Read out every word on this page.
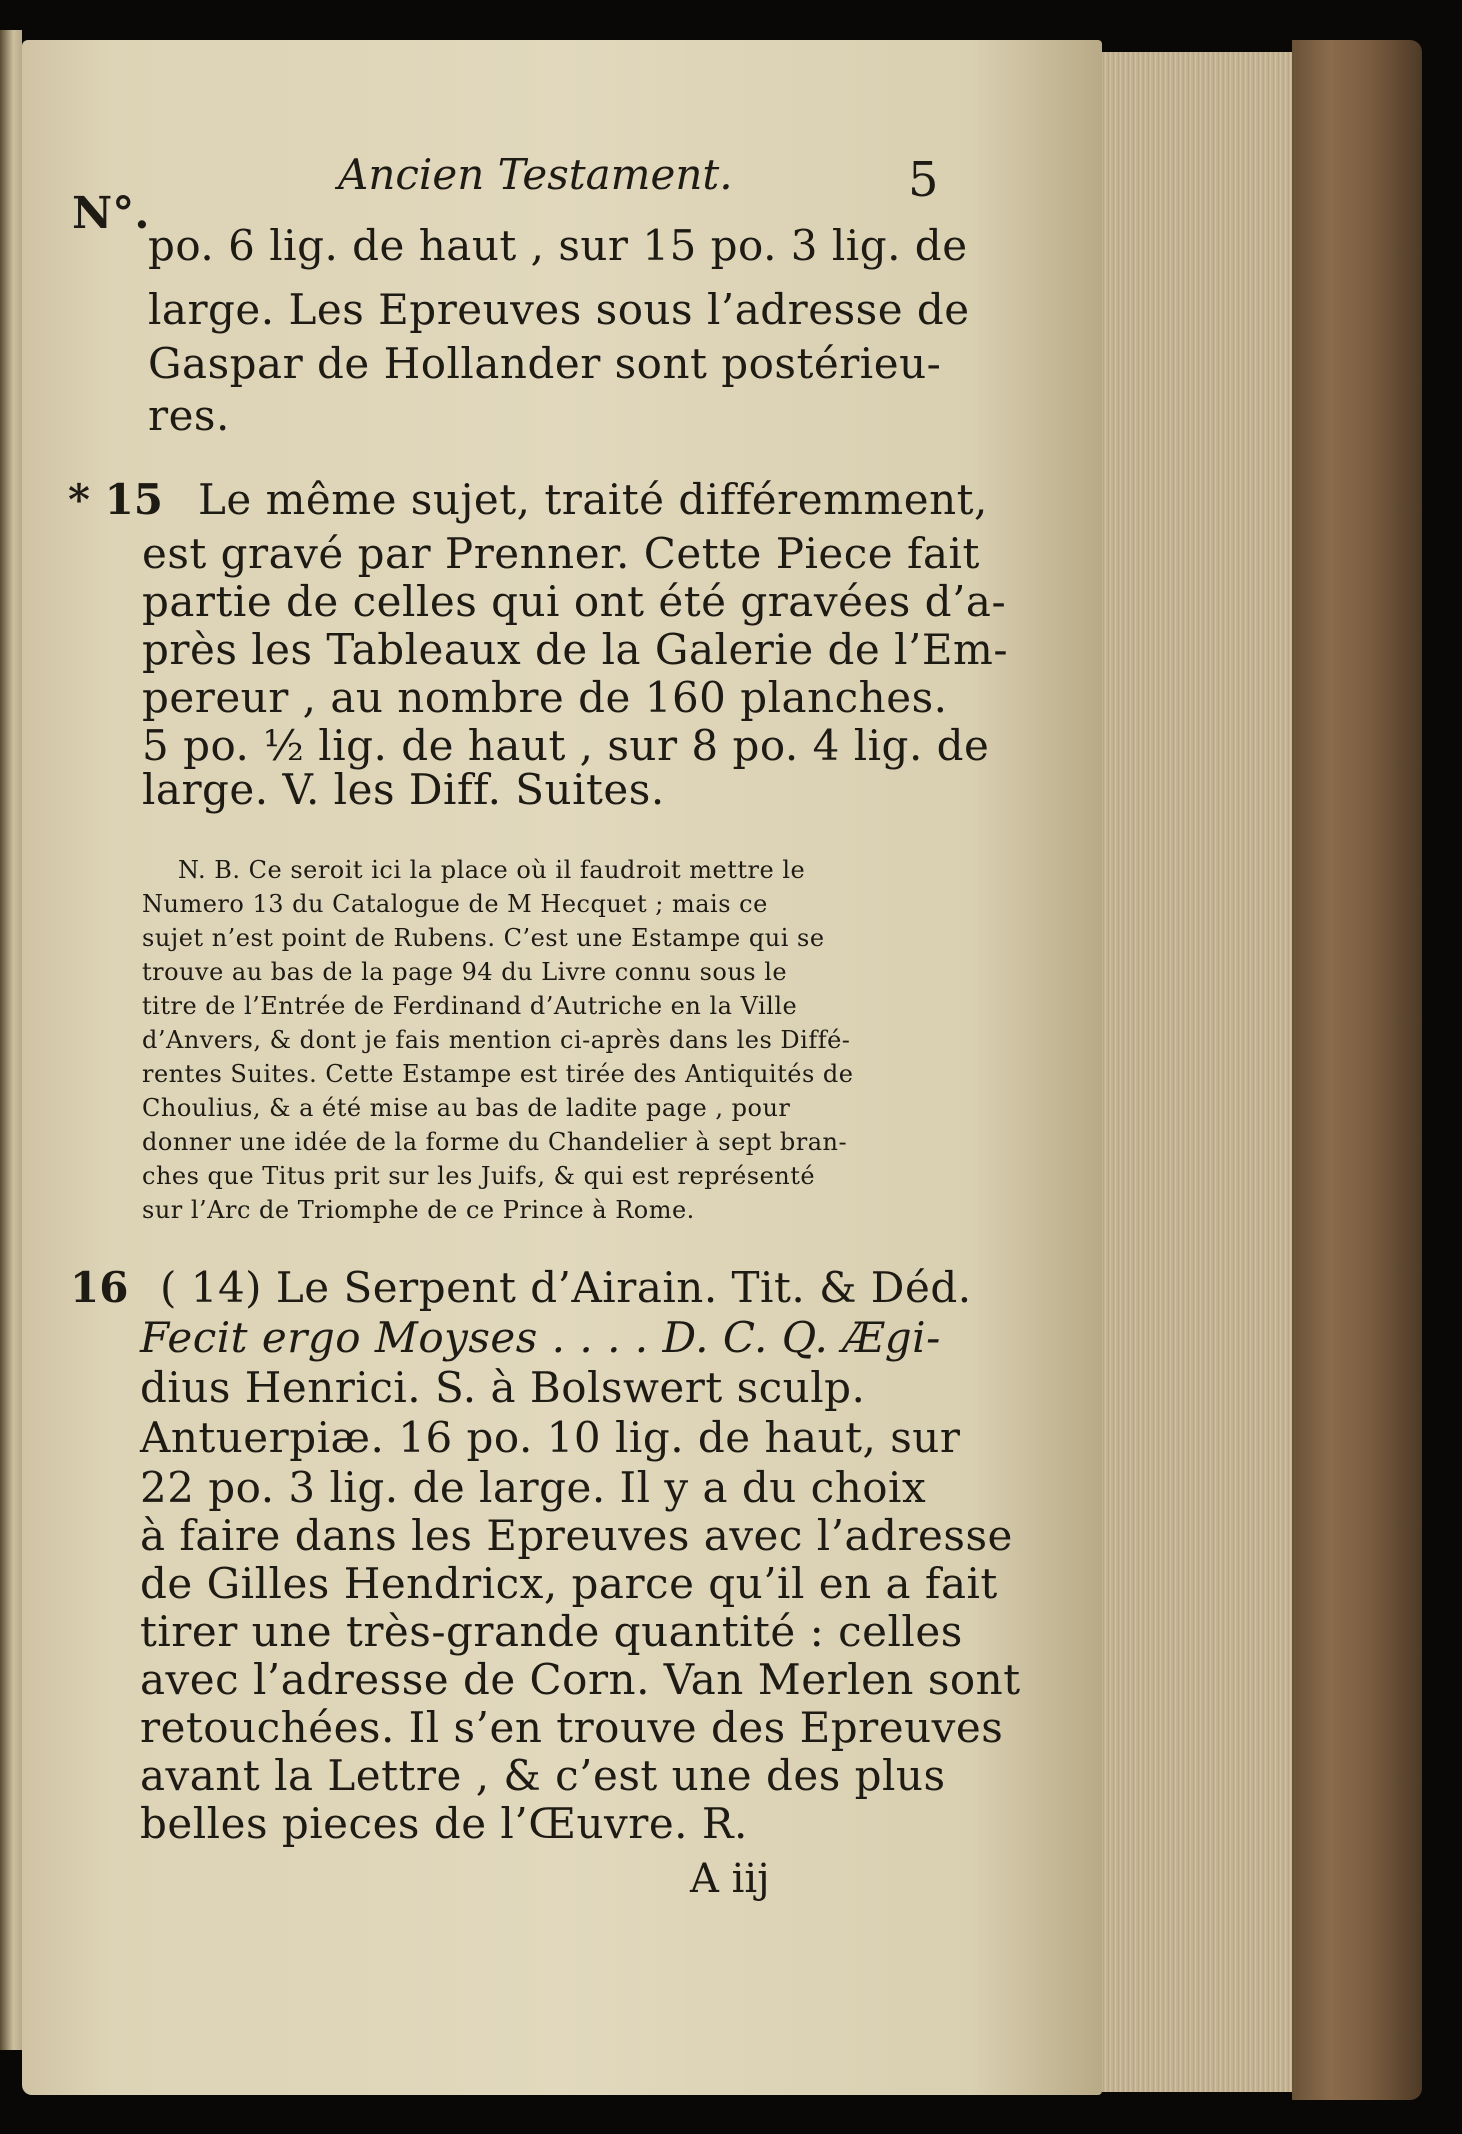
N°.
Ancien Testament.	5
po. 6 lig. de haut , sur 15 po. 3 lig. de
large. Les Epreuves sous l’adresse de
Gaspar de Hollander sont postérieu-
res.
* 15 Le même sujet, traité différemment,
est gravé par Prenner. Cette Piece fait
partie de celles qui ont été gravées d’a-
près les Tableaux de la Galerie de l’Em-
pereur , au nombre de 160 planches.
5 po. ½ lig. de haut , sur 8 po. 4 lig. de
large. V. les Diff. Suites.
N. B. Ce seroit ici la place où il faudroit mettre le
Numero 13 du Catalogue de M Hecquet ; mais ce
sujet n’est point de Rubens. C’est une Estampe qui se
trouve au bas de la page 94 du Livre connu sous le
titre de l’Entrée de Ferdinand d’Autriche en la Ville
d’Anvers, & dont je fais mention ci-après dans les Diffé-
rentes Suites. Cette Estampe est tirée des Antiquités de
Choulius, & a été mise au bas de ladite page , pour
donner une idée de la forme du Chandelier à sept bran-
ches que Titus prit sur les Juifs, & qui est représenté
sur l’Arc de Triomphe de ce Prince à Rome.
16 ( 14) Le Serpent d’Airain. Tit. & Déd.
Fecit ergo Moyses . . . . D. C. Q. Ægi-
dius Henrici. S. à Bolswert sculp.
Antuerpiæ. 16 po. 10 lig. de haut, sur
22 po. 3 lig. de large. Il y a du choix
à faire dans les Epreuves avec l’adresse
de Gilles Hendricx, parce qu’il en a fait
tirer une très-grande quantité : celles
avec l’adresse de Corn. Van Merlen sont
retouchées. Il s’en trouve des Epreuves
avant la Lettre , & c’est une des plus
belles pieces de l’Œuvre. R.
A iij
